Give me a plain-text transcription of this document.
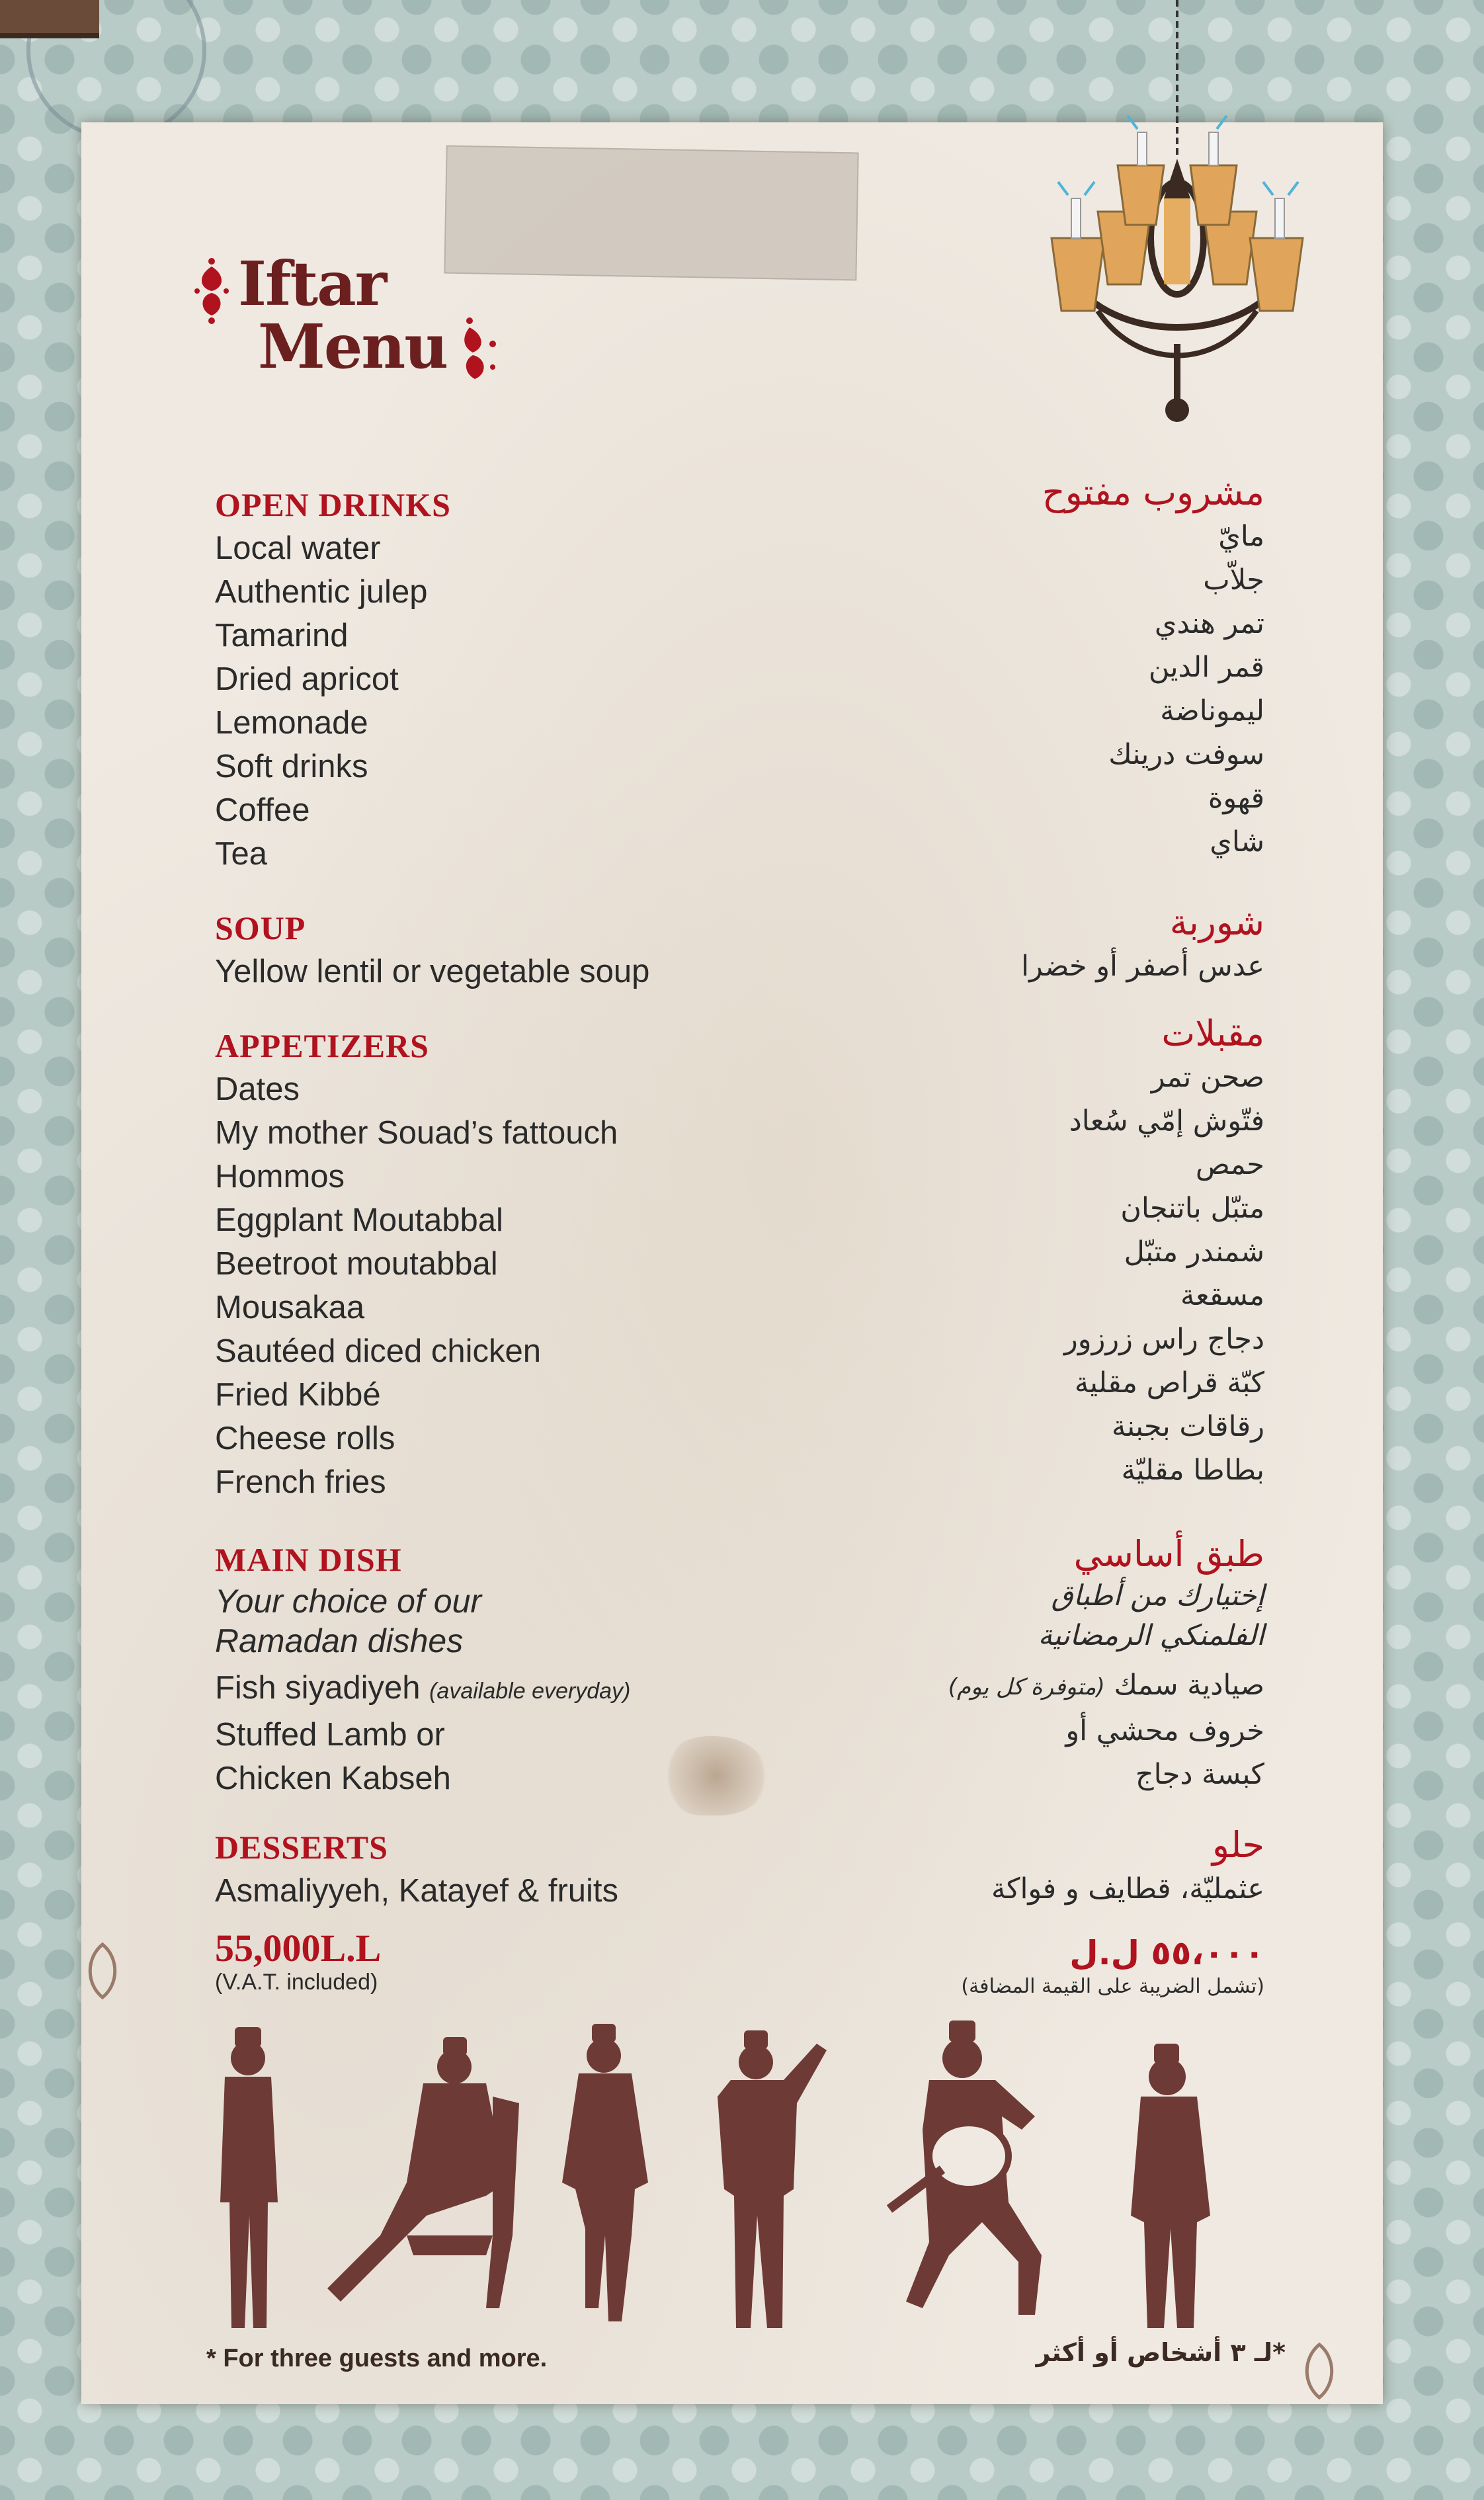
Iftar
Menu

OPEN DRINKS

Local water

Authentic julep

Tamarind

Dried apricot

Lemonade

Soft drinks

Coffee

Tea

SOUP

Yellow lentil or vegetable soup

APPETIZERS

Dates

My mother Souad’s fattouch

Hommos

Eggplant Moutabbal

Beetroot moutabbal

Mousakaa

Sautéed diced chicken

Fried Kibbé

Cheese rolls

French fries

MAIN DISH

Your choice of our

Ramadan dishes

Fish siyadiyeh (available everyday)

Stuffed Lamb or

Chicken Kabseh

DESSERTS

Asmaliyyeh, Katayef & fruits

55,000L.L

(V.A.T. included)

مشروب مفتوح

مايّ

جلاّب

تمر هندي

قمر الدين

ليموناضة

سوفت درينك

قهوة

شاي

شوربة

عدس أصفر أو خضرا

مقبلات

صحن تمر

فتّوش إمّي سُعاد

حمص

متبّل باتنجان

شمندر متبّل

مسقعة

دجاج راس زرزور

كبّة قراص مقلية

رقاقات بجبنة

بطاطا مقليّة

طبق أساسي

إختيارك من أطباق

الفلمنكي الرمضانية

صيادية سمك (متوفرة كل يوم)

خروف محشي أو

كبسة دجاج

حلو

عثمليّة، قطايف و فواكة

٥٥،٠٠٠ ل.ل

(تشمل الضريبة على القيمة المضافة)

* For three guests and more.	*لـ ٣ أشخاص أو أكثر
